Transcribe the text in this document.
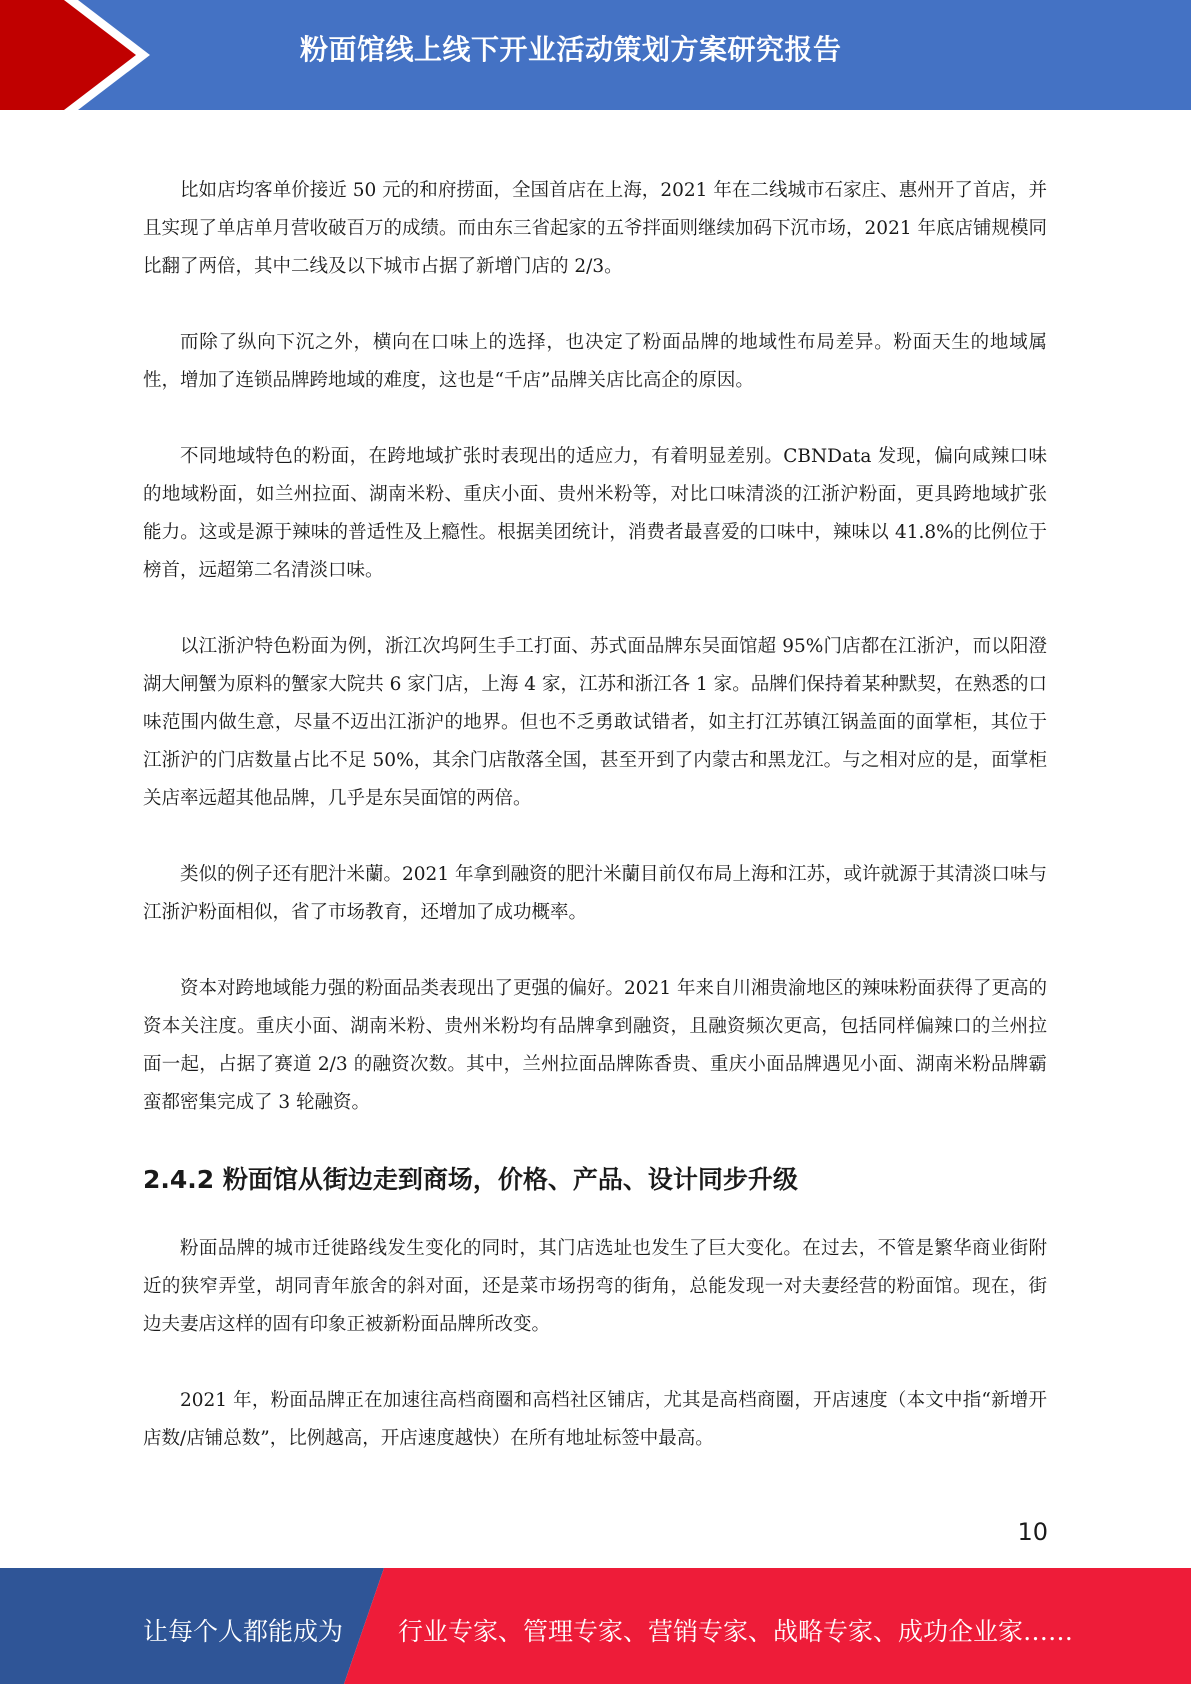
粉面馆线上线下开业活动策划方案研究报告

比如店均客单价接近 50 元的和府捞面，全国首店在上海，2021 年在二线城市石家庄、惠州开了首店，并且实现了单店单月营收破百万的成绩。而由东三省起家的五爷拌面则继续加码下沉市场，2021 年底店铺规模同比翻了两倍，其中二线及以下城市占据了新增门店的 2/3。

而除了纵向下沉之外，横向在口味上的选择，也决定了粉面品牌的地域性布局差异。粉面天生的地域属性，增加了连锁品牌跨地域的难度，这也是“千店”品牌关店比高企的原因。

不同地域特色的粉面，在跨地域扩张时表现出的适应力，有着明显差别。CBNData 发现，偏向咸辣口味的地域粉面，如兰州拉面、湖南米粉、重庆小面、贵州米粉等，对比口味清淡的江浙沪粉面，更具跨地域扩张能力。这或是源于辣味的普适性及上瘾性。根据美团统计，消费者最喜爱的口味中，辣味以 41.8%的比例位于榜首，远超第二名清淡口味。

以江浙沪特色粉面为例，浙江次坞阿生手工打面、苏式面品牌东吴面馆超 95%门店都在江浙沪，而以阳澄湖大闸蟹为原料的蟹家大院共 6 家门店，上海 4 家，江苏和浙江各 1 家。品牌们保持着某种默契，在熟悉的口味范围内做生意，尽量不迈出江浙沪的地界。但也不乏勇敢试错者，如主打江苏镇江锅盖面的面掌柜，其位于江浙沪的门店数量占比不足 50%，其余门店散落全国，甚至开到了内蒙古和黑龙江。与之相对应的是，面掌柜关店率远超其他品牌，几乎是东吴面馆的两倍。

类似的例子还有肥汁米蘭。2021 年拿到融资的肥汁米蘭目前仅布局上海和江苏，或许就源于其清淡口味与江浙沪粉面相似，省了市场教育，还增加了成功概率。

资本对跨地域能力强的粉面品类表现出了更强的偏好。2021 年来自川湘贵渝地区的辣味粉面获得了更高的资本关注度。重庆小面、湖南米粉、贵州米粉均有品牌拿到融资，且融资频次更高，包括同样偏辣口的兰州拉面一起，占据了赛道 2/3 的融资次数。其中，兰州拉面品牌陈香贵、重庆小面品牌遇见小面、湖南米粉品牌霸蛮都密集完成了 3 轮融资。

2.4.2 粉面馆从街边走到商场，价格、产品、设计同步升级

粉面品牌的城市迁徙路线发生变化的同时，其门店选址也发生了巨大变化。在过去，不管是繁华商业街附近的狭窄弄堂，胡同青年旅舍的斜对面，还是菜市场拐弯的街角，总能发现一对夫妻经营的粉面馆。现在，街边夫妻店这样的固有印象正被新粉面品牌所改变。

2021 年，粉面品牌正在加速往高档商圈和高档社区铺店，尤其是高档商圈，开店速度（本文中指“新增开店数/店铺总数”，比例越高，开店速度越快）在所有地址标签中最高。

10
让每个人都能成为 行业专家、管理专家、营销专家、战略专家、成功企业家……
